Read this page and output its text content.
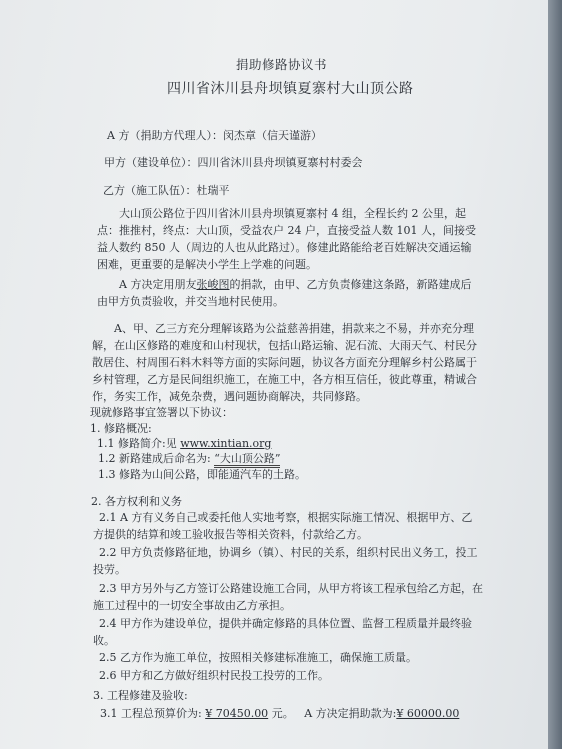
捐助修路协议书
四川省沐川县舟坝镇夏寨村大山顶公路
A 方（捐助方代理人）：闵杰章（信天谨游）
甲方（建设单位）：四川省沐川县舟坝镇夏寨村村委会
乙方（施工队伍）：杜瑞平
大山顶公路位于四川省沐川县舟坝镇夏寨村 4 组，全程长约 2 公里，起点：推推村，终点：大山顶，受益农户 24 户，直接受益人数 101 人，间接受益人数约 850 人（周边的人也从此路过）。修建此路能给老百姓解决交通运输困难，更重要的是解决小学生上学难的问题。
A 方决定用朋友张峻图的捐款，由甲、乙方负责修建这条路，新路建成后由甲方负责验收，并交当地村民使用。
A、甲、乙三方充分理解该路为公益慈善捐建，捐款来之不易，并亦充分理解，在山区修路的难度和山村现状，包括山路运输、泥石流、大雨天气、村民分散居住、村周围石料木料等方面的实际问题，协议各方面充分理解乡村公路属于乡村管理，乙方是民间组织施工，在施工中，各方相互信任，彼此尊重，精诚合作，务实工作，减免杂费，遇问题协商解决，共同修路。
现就修路事宜签署以下协议：
1. 修路概况:
1.1 修路简介:见 www.xintian.org
1.2 新路建成后命名为: “大山顶公路”
1.3 修路为山间公路，即能通汽车的土路。
2. 各方权利和义务
2.1 A 方有义务自己或委托他人实地考察，根据实际施工情况、根据甲方、乙方提供的结算和竣工验收报告等相关资料，付款给乙方。
2.2 甲方负责修路征地，协调乡（镇）、村民的关系，组织村民出义务工，投工投劳。
2.3 甲方另外与乙方签订公路建设施工合同，从甲方将该工程承包给乙方起，在施工过程中的一切安全事故由乙方承担。
2.4 甲方作为建设单位，提供并确定修路的具体位置、监督工程质量并最终验收。
2.5 乙方作为施工单位，按照相关修建标准施工，确保施工质量。
2.6 甲方和乙方做好组织村民投工投劳的工作。
3. 工程修建及验收:
3.1 工程总预算价为: ¥ 70450.00 元。 A 方决定捐助款为:¥ 60000.00
